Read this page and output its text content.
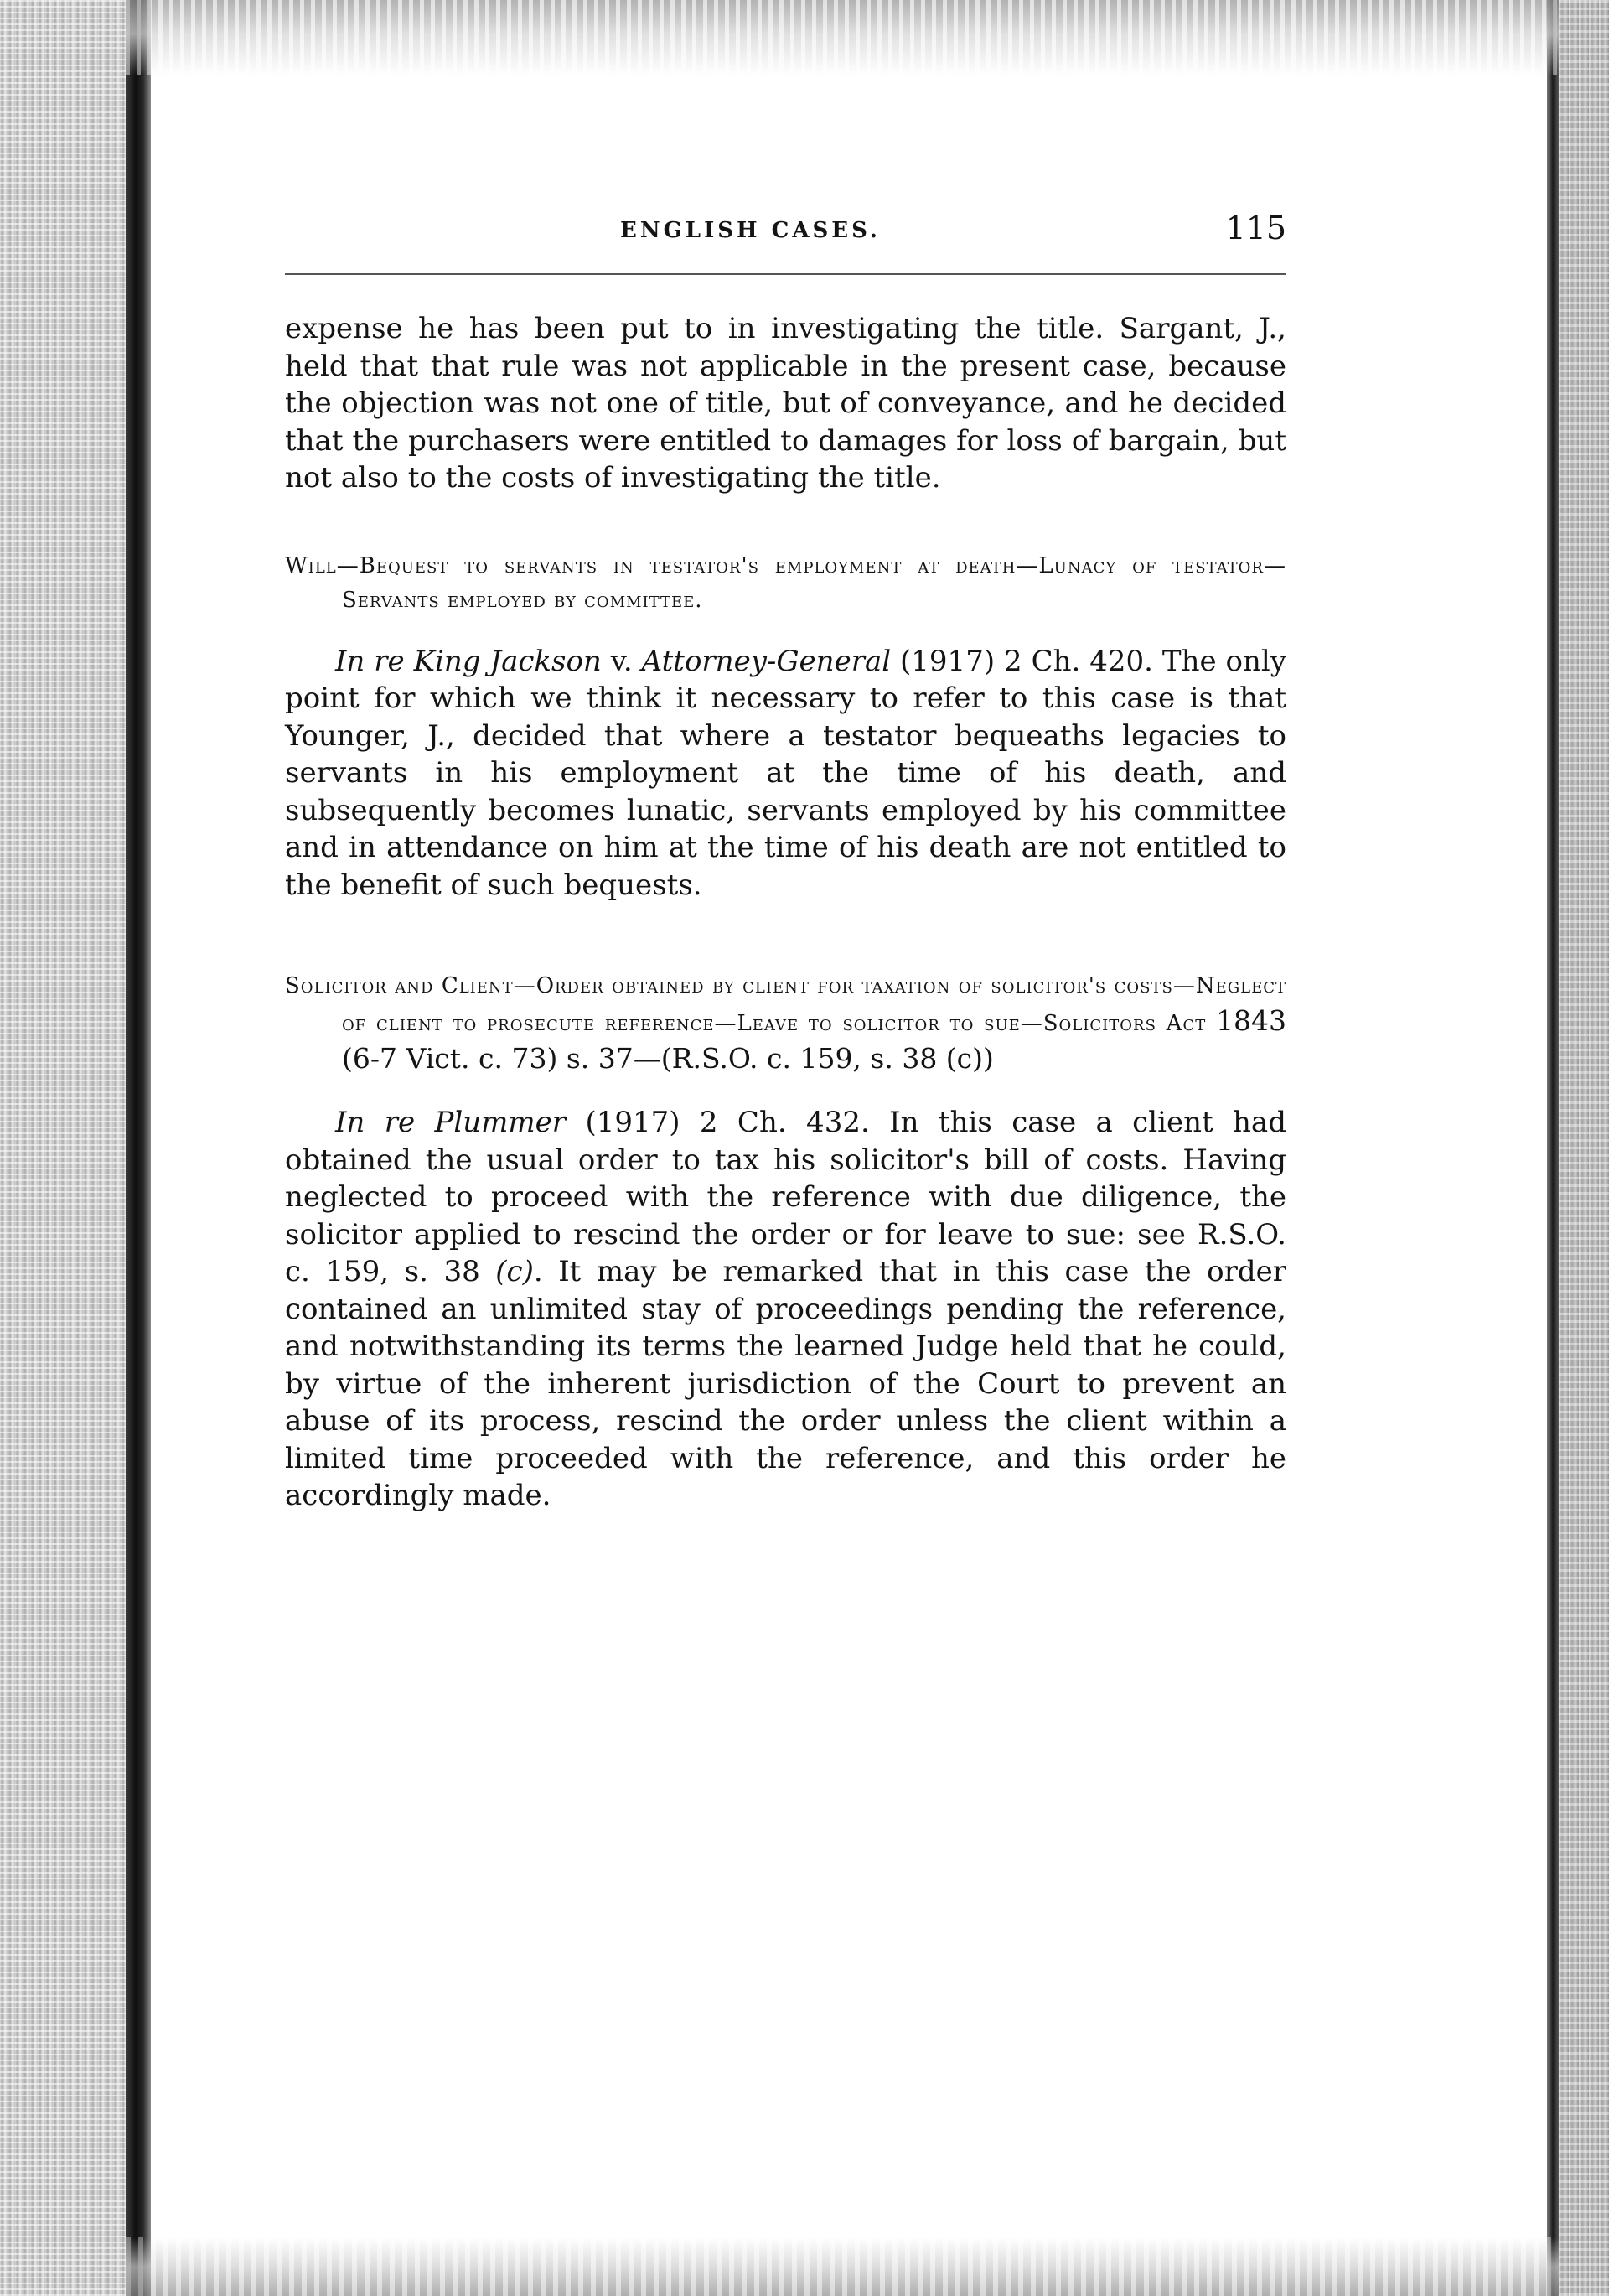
ENGLISH CASES.	115

expense he has been put to in investigating the title. Sargant, J., held that that rule was not applicable in the present case, because the objection was not one of title, but of conveyance, and he decided that the purchasers were entitled to damages for loss of bargain, but not also to the costs of investigating the title.

Will—Bequest to servants in testator's employment at death—Lunacy of testator—Servants employed by committee.

In re King Jackson v. Attorney-General (1917) 2 Ch. 420. The only point for which we think it necessary to refer to this case is that Younger, J., decided that where a testator bequeaths legacies to servants in his employment at the time of his death, and subsequently becomes lunatic, servants employed by his committee and in attendance on him at the time of his death are not entitled to the benefit of such bequests.

Solicitor and Client—Order obtained by client for taxation of solicitor's costs—Neglect of client to prosecute reference—Leave to solicitor to sue—Solicitors Act 1843 (6-7 Vict. c. 73) s. 37—(R.S.O. c. 159, s. 38 (c))

In re Plummer (1917) 2 Ch. 432. In this case a client had obtained the usual order to tax his solicitor's bill of costs. Having neglected to proceed with the reference with due diligence, the solicitor applied to rescind the order or for leave to sue: see R.S.O. c. 159, s. 38 (c). It may be remarked that in this case the order contained an unlimited stay of proceedings pending the reference, and notwithstanding its terms the learned Judge held that he could, by virtue of the inherent jurisdiction of the Court to prevent an abuse of its process, rescind the order unless the client within a limited time proceeded with the reference, and this order he accordingly made.
